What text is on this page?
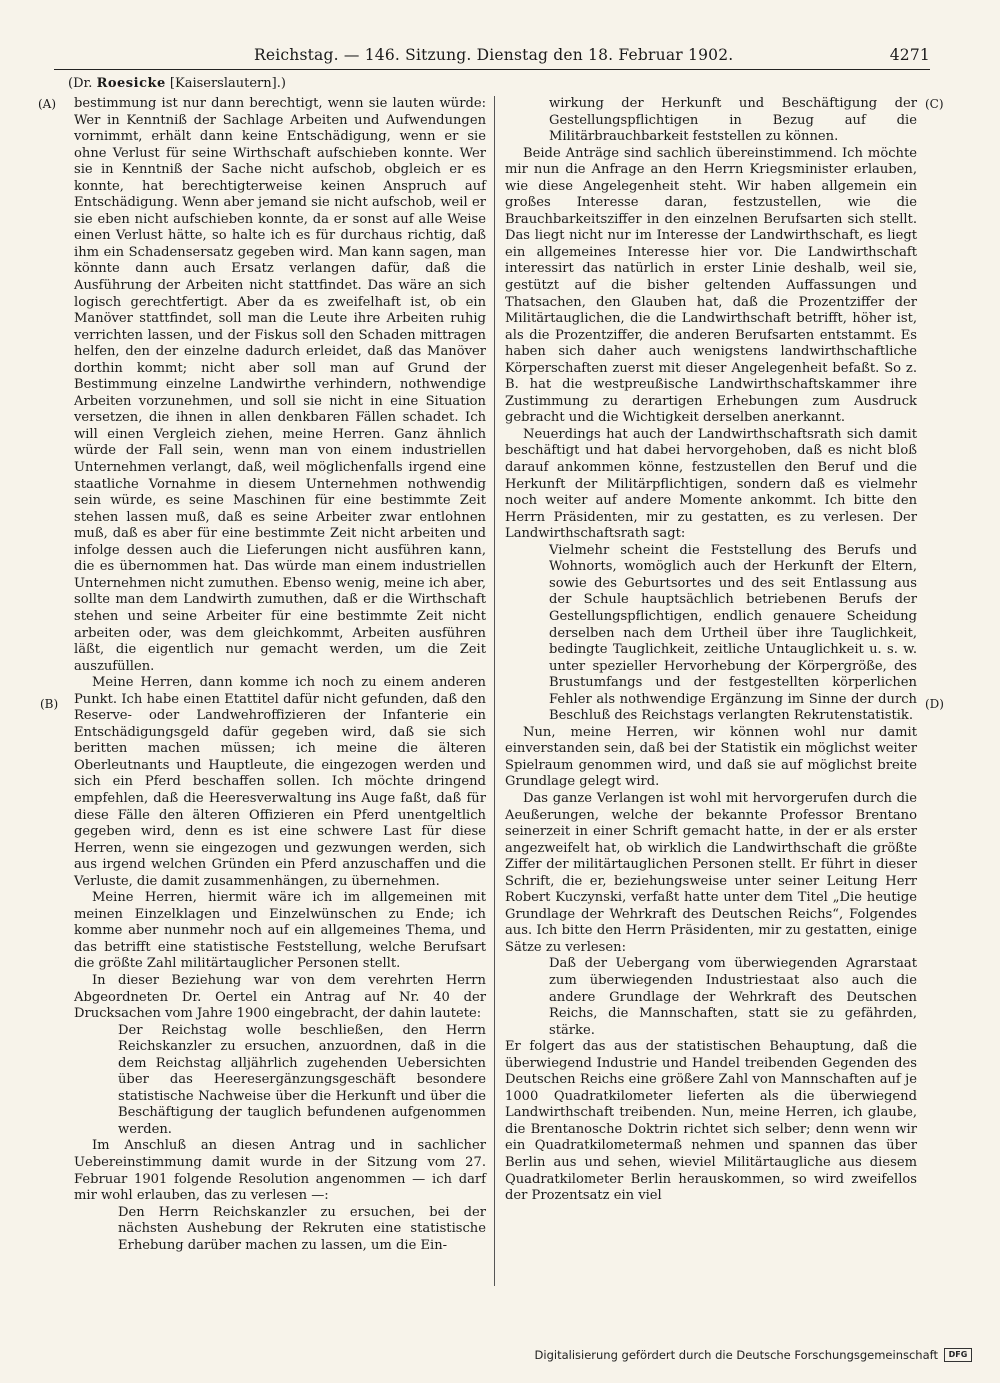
Reichstag. — 146. Sitzung. Dienstag den 18. Februar 1902.	4271
(Dr. Roesicke [Kaiserslautern].)
(A)
(B)
(C)
(D)

bestimmung ist nur dann berechtigt, wenn sie lauten würde: Wer in Kenntniß der Sachlage Arbeiten und Aufwendungen vornimmt, erhält dann keine Entschädigung, wenn er sie ohne Verlust für seine Wirthschaft aufschieben konnte. Wer sie in Kenntniß der Sache nicht aufschob, obgleich er es konnte, hat berechtigterweise keinen Anspruch auf Entschädigung. Wenn aber jemand sie nicht aufschob, weil er sie eben nicht aufschieben konnte, da er sonst auf alle Weise einen Verlust hätte, so halte ich es für durchaus richtig, daß ihm ein Schadensersatz gegeben wird. Man kann sagen, man könnte dann auch Ersatz verlangen dafür, daß die Ausführung der Arbeiten nicht stattfindet. Das wäre an sich logisch gerechtfertigt. Aber da es zweifelhaft ist, ob ein Manöver stattfindet, soll man die Leute ihre Arbeiten ruhig verrichten lassen, und der Fiskus soll den Schaden mittragen helfen, den der einzelne dadurch erleidet, daß das Manöver dorthin kommt; nicht aber soll man auf Grund der Bestimmung einzelne Landwirthe verhindern, nothwendige Arbeiten vorzunehmen, und soll sie nicht in eine Situation versetzen, die ihnen in allen denkbaren Fällen schadet. Ich will einen Vergleich ziehen, meine Herren. Ganz ähnlich würde der Fall sein, wenn man von einem industriellen Unternehmen verlangt, daß, weil möglichenfalls irgend eine staatliche Vornahme in diesem Unternehmen nothwendig sein würde, es seine Maschinen für eine bestimmte Zeit stehen lassen muß, daß es seine Arbeiter zwar entlohnen muß, daß es aber für eine bestimmte Zeit nicht arbeiten und infolge dessen auch die Lieferungen nicht ausführen kann, die es übernommen hat. Das würde man einem industriellen Unternehmen nicht zumuthen. Ebenso wenig, meine ich aber, sollte man dem Landwirth zumuthen, daß er die Wirthschaft stehen und seine Arbeiter für eine bestimmte Zeit nicht arbeiten oder, was dem gleichkommt, Arbeiten ausführen läßt, die eigentlich nur gemacht werden, um die Zeit auszufüllen.

Meine Herren, dann komme ich noch zu einem anderen Punkt. Ich habe einen Etattitel dafür nicht gefunden, daß den Reserve- oder Landwehroffizieren der Infanterie ein Entschädigungsgeld dafür gegeben wird, daß sie sich beritten machen müssen; ich meine die älteren Oberleutnants und Hauptleute, die eingezogen werden und sich ein Pferd beschaffen sollen. Ich möchte dringend empfehlen, daß die Heeresverwaltung ins Auge faßt, daß für diese Fälle den älteren Offizieren ein Pferd unentgeltlich gegeben wird, denn es ist eine schwere Last für diese Herren, wenn sie eingezogen und gezwungen werden, sich aus irgend welchen Gründen ein Pferd anzuschaffen und die Verluste, die damit zusammenhängen, zu übernehmen.

Meine Herren, hiermit wäre ich im allgemeinen mit meinen Einzelklagen und Einzelwünschen zu Ende; ich komme aber nunmehr noch auf ein allgemeines Thema, und das betrifft eine statistische Feststellung, welche Berufsart die größte Zahl militärtauglicher Personen stellt.

In dieser Beziehung war von dem verehrten Herrn Abgeordneten Dr. Oertel ein Antrag auf Nr. 40 der Drucksachen vom Jahre 1900 eingebracht, der dahin lautete:

Der Reichstag wolle beschließen, den Herrn Reichskanzler zu ersuchen, anzuordnen, daß in die dem Reichstag alljährlich zugehenden Uebersichten über das Heeresergänzungsgeschäft besondere statistische Nachweise über die Herkunft und über die Beschäftigung der tauglich befundenen aufgenommen werden.

Im Anschluß an diesen Antrag und in sachlicher Uebereinstimmung damit wurde in der Sitzung vom 27. Februar 1901 folgende Resolution angenommen — ich darf mir wohl erlauben, das zu verlesen —:

Den Herrn Reichskanzler zu ersuchen, bei der nächsten Aushebung der Rekruten eine statistische Erhebung darüber machen zu lassen, um die Ein-

wirkung der Herkunft und Beschäftigung der Gestellungspflichtigen in Bezug auf die Militärbrauchbarkeit feststellen zu können.

Beide Anträge sind sachlich übereinstimmend. Ich möchte mir nun die Anfrage an den Herrn Kriegsminister erlauben, wie diese Angelegenheit steht. Wir haben allgemein ein großes Interesse daran, festzustellen, wie die Brauchbarkeitsziffer in den einzelnen Berufsarten sich stellt. Das liegt nicht nur im Interesse der Landwirthschaft, es liegt ein allgemeines Interesse hier vor. Die Landwirthschaft interessirt das natürlich in erster Linie deshalb, weil sie, gestützt auf die bisher geltenden Auffassungen und Thatsachen, den Glauben hat, daß die Prozentziffer der Militärtauglichen, die die Landwirthschaft betrifft, höher ist, als die Prozentziffer, die anderen Berufsarten entstammt. Es haben sich daher auch wenigstens landwirthschaftliche Körperschaften zuerst mit dieser Angelegenheit befaßt. So z. B. hat die westpreußische Landwirthschaftskammer ihre Zustimmung zu derartigen Erhebungen zum Ausdruck gebracht und die Wichtigkeit derselben anerkannt.

Neuerdings hat auch der Landwirthschaftsrath sich damit beschäftigt und hat dabei hervorgehoben, daß es nicht bloß darauf ankommen könne, festzustellen den Beruf und die Herkunft der Militärpflichtigen, sondern daß es vielmehr noch weiter auf andere Momente ankommt. Ich bitte den Herrn Präsidenten, mir zu gestatten, es zu verlesen. Der Landwirthschaftsrath sagt:

Vielmehr scheint die Feststellung des Berufs und Wohnorts, womöglich auch der Herkunft der Eltern, sowie des Geburtsortes und des seit Entlassung aus der Schule hauptsächlich betriebenen Berufs der Gestellungspflichtigen, endlich genauere Scheidung derselben nach dem Urtheil über ihre Tauglichkeit, bedingte Tauglichkeit, zeitliche Untauglichkeit u. s. w. unter spezieller Hervorhebung der Körpergröße, des Brustumfangs und der festgestellten körperlichen Fehler als nothwendige Ergänzung im Sinne der durch Beschluß des Reichstags verlangten Rekrutenstatistik.

Nun, meine Herren, wir können wohl nur damit einverstanden sein, daß bei der Statistik ein möglichst weiter Spielraum genommen wird, und daß sie auf möglichst breite Grundlage gelegt wird.

Das ganze Verlangen ist wohl mit hervorgerufen durch die Aeußerungen, welche der bekannte Professor Brentano seinerzeit in einer Schrift gemacht hatte, in der er als erster angezweifelt hat, ob wirklich die Landwirthschaft die größte Ziffer der militärtauglichen Personen stellt. Er führt in dieser Schrift, die er, beziehungsweise unter seiner Leitung Herr Robert Kuczynski, verfaßt hatte unter dem Titel „Die heutige Grundlage der Wehrkraft des Deutschen Reichs“, Folgendes aus. Ich bitte den Herrn Präsidenten, mir zu gestatten, einige Sätze zu verlesen:

Daß der Uebergang vom überwiegenden Agrarstaat zum überwiegenden Industriestaat also auch die andere Grundlage der Wehrkraft des Deutschen Reichs, die Mannschaften, statt sie zu gefährden, stärke.

Er folgert das aus der statistischen Behauptung, daß die überwiegend Industrie und Handel treibenden Gegenden des Deutschen Reichs eine größere Zahl von Mannschaften auf je 1000 Quadratkilometer lieferten als die überwiegend Landwirthschaft treibenden. Nun, meine Herren, ich glaube, die Brentanosche Doktrin richtet sich selber; denn wenn wir ein Quadratkilometermaß nehmen und spannen das über Berlin aus und sehen, wieviel Militärtaugliche aus diesem Quadratkilometer Berlin herauskommen, so wird zweifellos der Prozentsatz ein viel

Digitalisierung gefördert durch die Deutsche Forschungsgemeinschaft	DFG
